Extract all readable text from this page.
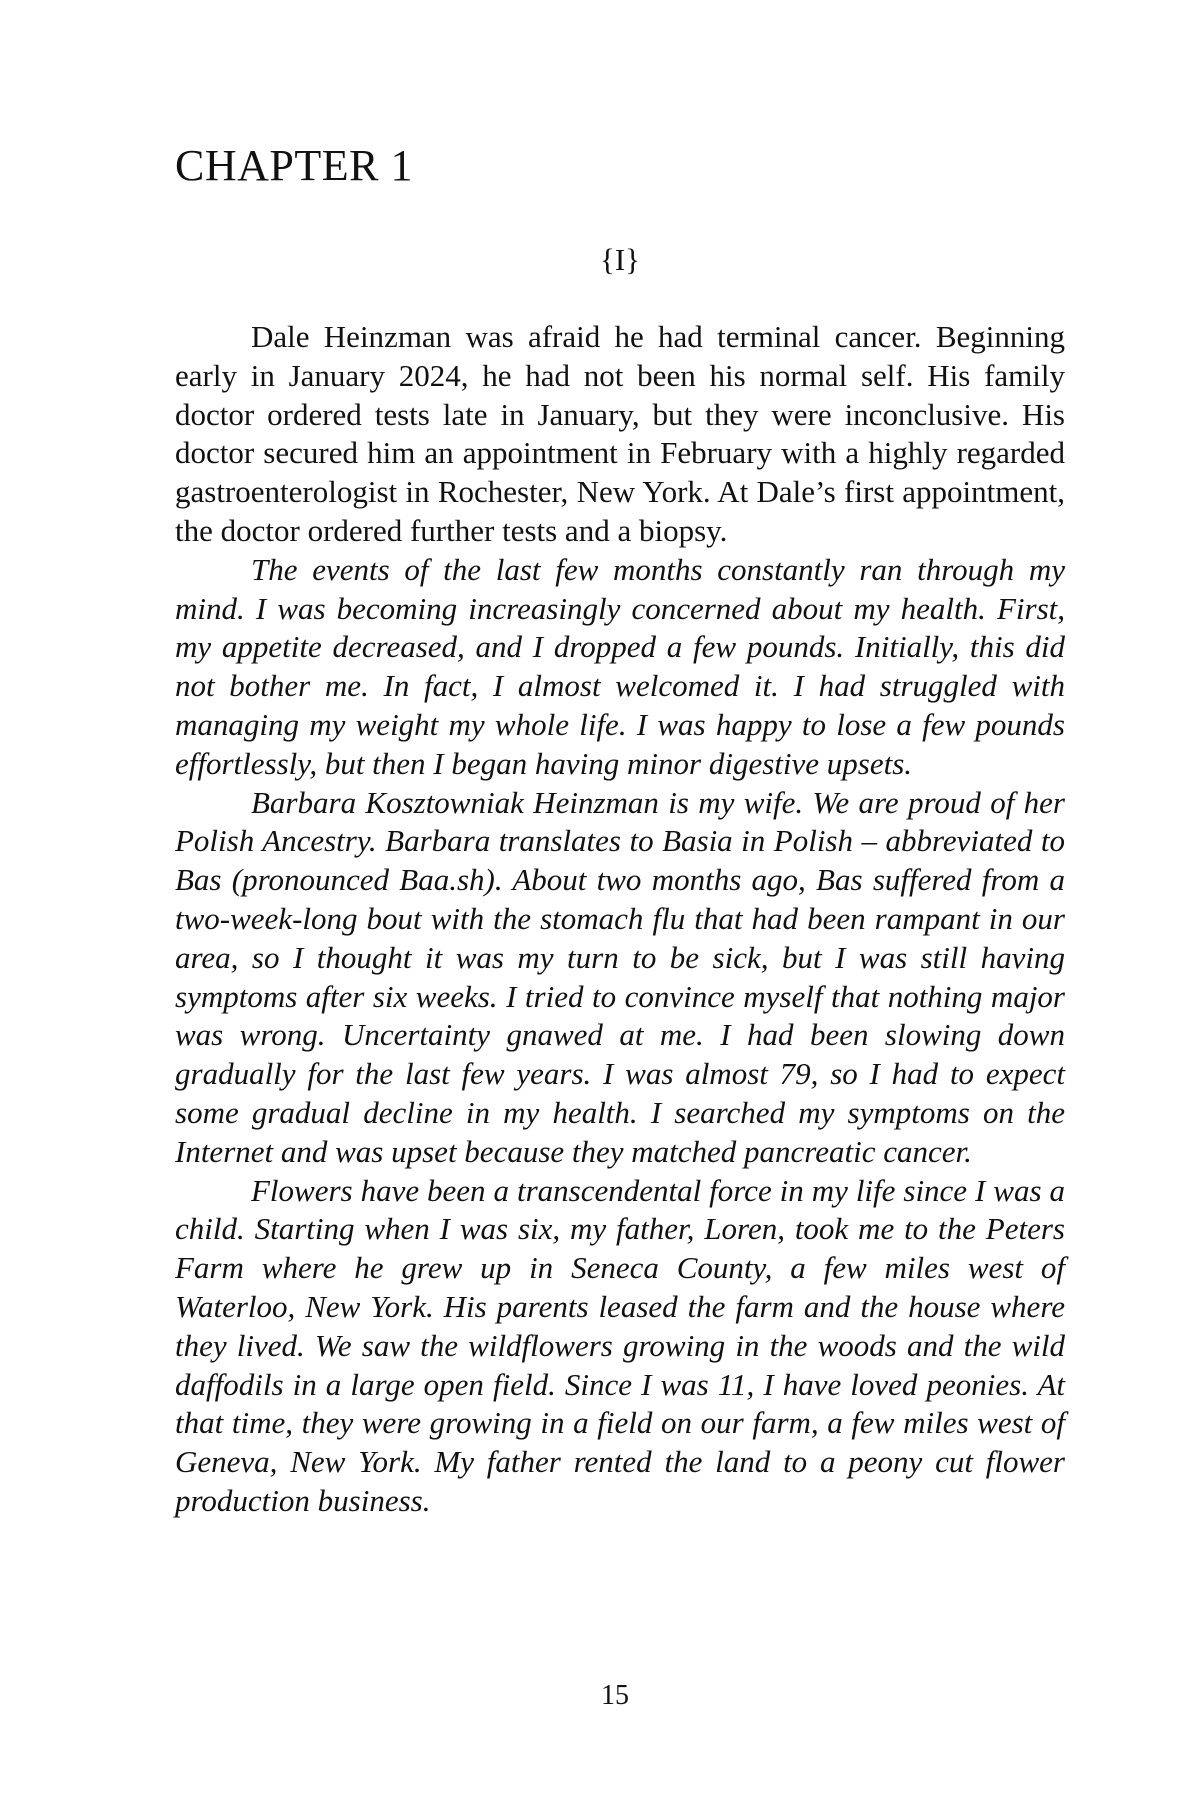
CHAPTER 1
{I}

Dale Heinzman was afraid he had terminal cancer. Beginning early in January 2024, he had not been his normal self. His family doctor ordered tests late in January, but they were inconclusive. His doctor secured him an appointment in February with a highly regarded gastroenterologist in Rochester, New York. At Dale’s first appointment, the doctor ordered further tests and a biopsy.

The events of the last few months constantly ran through my mind. I was becoming increasingly concerned about my health. First, my appetite decreased, and I dropped a few pounds. Initially, this did not bother me. In fact, I almost welcomed it. I had struggled with managing my weight my whole life. I was happy to lose a few pounds effortlessly, but then I began having minor digestive upsets.

Barbara Kosztowniak Heinzman is my wife. We are proud of her Polish Ancestry. Barbara translates to Basia in Polish – abbreviated to Bas (pronounced Baa.sh). About two months ago, Bas suffered from a two-week-long bout with the stomach flu that had been rampant in our area, so I thought it was my turn to be sick, but I was still having symptoms after six weeks. I tried to convince myself that nothing major was wrong. Uncertainty gnawed at me. I had been slowing down gradually for the last few years. I was almost 79, so I had to expect some gradual decline in my health. I searched my symptoms on the Internet and was upset because they matched pancreatic cancer.

Flowers have been a transcendental force in my life since I was a child. Starting when I was six, my father, Loren, took me to the Peters Farm where he grew up in Seneca County, a few miles west of Waterloo, New York. His parents leased the farm and the house where they lived. We saw the wildflowers growing in the woods and the wild daffodils in a large open field. Since I was 11, I have loved peonies. At that time, they were growing in a field on our farm, a few miles west of Geneva, New York. My father rented the land to a peony cut flower production business.

15
